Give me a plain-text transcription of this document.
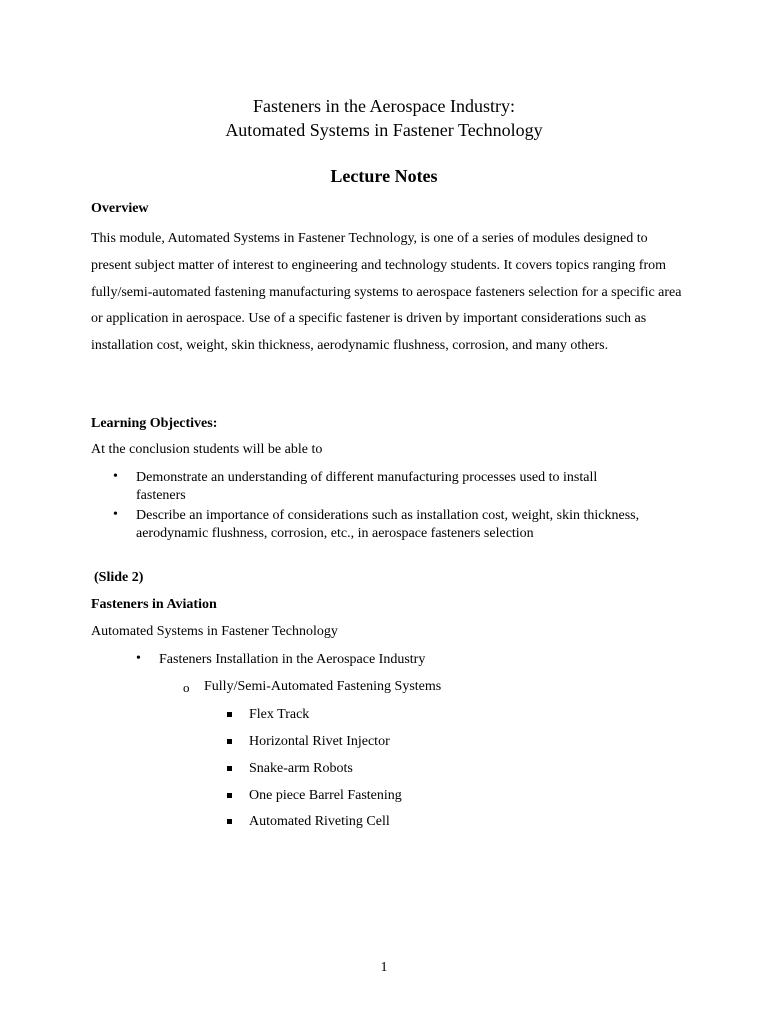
Fasteners in the Aerospace Industry:
Automated Systems in Fastener Technology
Lecture Notes
Overview
This module, Automated Systems in Fastener Technology, is one of a series of modules designed to present subject matter of interest to engineering and technology students. It covers topics ranging from fully/semi-automated fastening manufacturing systems to aerospace fasteners selection for a specific area or application in aerospace. Use of a specific fastener is driven by important considerations such as installation cost, weight, skin thickness, aerodynamic flushness, corrosion, and many others.
Learning Objectives:
At the conclusion students will be able to
• Demonstrate an understanding of different manufacturing processes used to install
fasteners
• Describe an importance of considerations such as installation cost, weight, skin thickness,
aerodynamic flushness, corrosion, etc., in aerospace fasteners selection
(Slide 2)
Fasteners in Aviation
Automated Systems in Fastener Technology
• Fasteners Installation in the Aerospace Industry
o Fully/Semi-Automated Fastening Systems
Flex Track
Horizontal Rivet Injector
Snake-arm Robots
One piece Barrel Fastening
Automated Riveting Cell
1
